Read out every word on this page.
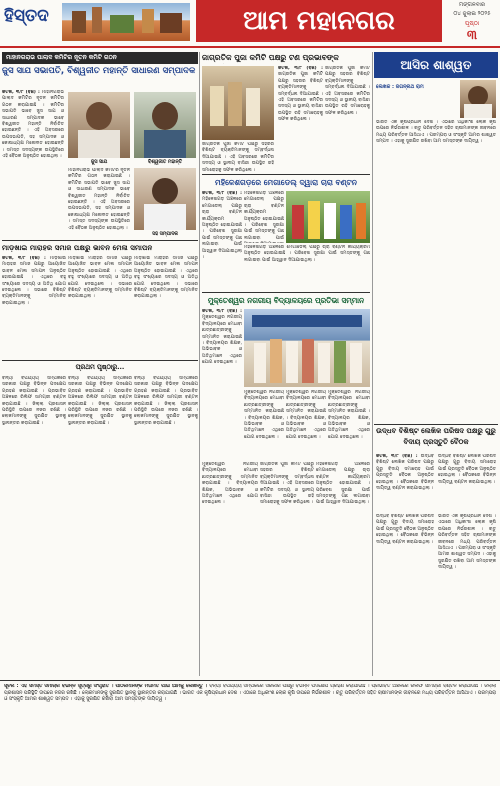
ହିସ୍ତଦ	ଆମ ମହାନଗର
ମଙ୍ଗଳବାର
୦୪ ଜୁଲାଇ ୨୦୨୫
ପୃଷ୍ଠା
୩
ମାହାନଗରାଭ ପାଲାଦ କମିଟିର ନୂତନ କମିଟି ଗଠନ
ଜୁସ ସାଯ ସଭାପତି, ବିଶ୍ୱଜୀତ ମହାନ୍ତି ସାଧାରଣ ସମ୍ପାଦକ
କଟକ, ୩/୮ (ବିଜ୍ଞ) : ମାହାନଗରାଭ ପାଲାଦ କମିଟିର ନୂତନ କମିଟିର ଗଠନ କରାଯାଇଛି । କମିଟିର ସଭାପତି ଭାବେ ଜୁସ ସାଯ ଓ ସାଧାରଣ ସମ୍ପାଦକ ଭାବେ ବିଶ୍ୱଜୀତ ମହାନ୍ତି ନିର୍ବାଚିତ ହୋଇଛନ୍ତି । ଏହି ଅବସରରେ ଉପସଭାପତି, ସହ ସମ୍ପାଦକ ଓ କୋଷାଧ୍ୟକ୍ଷ ମନୋନୀତ ହୋଇଛନ୍ତି । ସମସ୍ତ ସଦସ୍ୟଙ୍କ ଉପସ୍ଥିତିରେ ଏହି ବୈଠକ ଅନୁଷ୍ଠିତ ହୋଇଥିଲା ।
ଜୁସ ସାଯ	ବିଶ୍ୱଜୀତ ମହାନ୍ତି
ମାହାନଗରାଭ ପାଲାଦ କମିଟିର ନୂତନ କମିଟିର ଗଠନ କରାଯାଇଛି । କମିଟିର ସଭାପତି ଭାବେ ଜୁସ ସାଯ ଓ ସାଧାରଣ ସମ୍ପାଦକ ଭାବେ ବିଶ୍ୱଜୀତ ମହାନ୍ତି ନିର୍ବାଚିତ ହୋଇଛନ୍ତି । ଏହି ଅବସରରେ ଉପସଭାପତି, ସହ ସମ୍ପାଦକ ଓ କୋଷାଧ୍ୟକ୍ଷ ମନୋନୀତ ହୋଇଛନ୍ତି । ସମସ୍ତ ସଦସ୍ୟଙ୍କ ଉପସ୍ଥିତିରେ ଏହି ବୈଠକ ଅନୁଷ୍ଠିତ ହୋଇଥିଲା ।
ସହ ସମ୍ପାଦକ
ମାଡ଼ଖାଇ ମାରାହର ସମାଜ ପକ୍ଷରୁ ଭାବନ ମେଳା ସମାପନ
କଟକ, ୩/୮ (ବିଜ୍ଞ) : ମାଡ଼ଖାଇ ମାରାହର ସମାଜ ପକ୍ଷରୁ ଆୟୋଜିତ ଭାବନ ମେଳା ସମାପନ ଅନୁଷ୍ଠିତ ହୋଇଯାଇଛି । ଏଥିରେ ବହୁ ସଂଖ୍ୟାରେ ସଦସ୍ୟ ଓ ଅତିଥି ଯୋଗ ଦେଇଥିଲେ । ସଭାରେ ବିଶିଷ୍ଟ ବ୍ୟକ୍ତିମାନଙ୍କୁ ସମ୍ମାନିତ କରାଯାଇଥିଲା ।
ମାଡ଼ଖାଇ ମାରାହର ସମାଜ ପକ୍ଷରୁ ଆୟୋଜିତ ଭାବନ ମେଳା ସମାପନ ଅନୁଷ୍ଠିତ ହୋଇଯାଇଛି । ଏଥିରେ ବହୁ ସଂଖ୍ୟାରେ ସଦସ୍ୟ ଓ ଅତିଥି ଯୋଗ ଦେଇଥିଲେ । ସଭାରେ ବିଶିଷ୍ଟ ବ୍ୟକ୍ତିମାନଙ୍କୁ ସମ୍ମାନିତ କରାଯାଇଥିଲା ।
ମାଡ଼ଖାଇ ମାରାହର ସମାଜ ପକ୍ଷରୁ ଆୟୋଜିତ ଭାବନ ମେଳା ସମାପନ ଅନୁଷ୍ଠିତ ହୋଇଯାଇଛି । ଏଥିରେ ବହୁ ସଂଖ୍ୟାରେ ସଦସ୍ୟ ଓ ଅତିଥି ଯୋଗ ଦେଇଥିଲେ । ସଭାରେ ବିଶିଷ୍ଟ ବ୍ୟକ୍ତିମାନଙ୍କୁ ସମ୍ମାନିତ କରାଯାଇଥିଲା ।
ଜାଗ୍ରତିକ ପୁଜା କମିଟି ପକ୍ଷରୁ ଟଣ ପ୍ରଭାବଙ୍କ
କଟକ, ୩/୮ (ବିଜ୍ଞ) : ଜାଗ୍ରତିକ ପୁଜା କମିଟି ପକ୍ଷରୁ ସହରର ବିଶିଷ୍ଟ ବ୍ୟକ୍ତିମାନଙ୍କୁ ସମ୍ବର୍ଦ୍ଧନା ଦିଆଯାଇଛି । ଏହି ଅବସରରେ କମିଟିର ସଦସ୍ୟ ଓ ସ୍ଥାନୀୟ ବାସିନ୍ଦା ଉପସ୍ଥିତ ରହି ସମାରୋହକୁ ସଫଳ କରିଥିଲେ ।
ଜାଗ୍ରତିକ ପୁଜା କମିଟି ପକ୍ଷରୁ ସହରର ବିଶିଷ୍ଟ ବ୍ୟକ୍ତିମାନଙ୍କୁ ସମ୍ବର୍ଦ୍ଧନା ଦିଆଯାଇଛି । ଏହି ଅବସରରେ କମିଟିର ସଦସ୍ୟ ଓ ସ୍ଥାନୀୟ ବାସିନ୍ଦା ଉପସ୍ଥିତ ରହି ସମାରୋହକୁ ସଫଳ କରିଥିଲେ ।
ଜାଗ୍ରତିକ ପୁଜା କମିଟି ପକ୍ଷରୁ ସହରର ବିଶିଷ୍ଟ ବ୍ୟକ୍ତିମାନଙ୍କୁ ସମ୍ବର୍ଦ୍ଧନା ଦିଆଯାଇଛି । ଏହି ଅବସରରେ କମିଟିର ସଦସ୍ୟ ଓ ସ୍ଥାନୀୟ ବାସିନ୍ଦା ଉପସ୍ଥିତ ରହି ସମାରୋହକୁ ସଫଳ କରିଥିଲେ ।
ମହିଳେଶଗଡ଼ରେ ମେଗାଡେଲ୍ ଦ୍ୱାରା ଚାରା ବଣ୍ଟନ
କଟକ, ୩/୮ (ବିଜ୍ଞ) : ମହିଳେଶଗଡ଼ ଅଞ୍ଚଳରେ ମେଗାଡେଲ୍ ପକ୍ଷରୁ ଚାରା ବଣ୍ଟନ କାର୍ଯ୍ୟକ୍ରମ ଅନୁଷ୍ଠିତ ହୋଇଯାଇଛି । ପରିବେଶ ସୁରକ୍ଷା ପାଇଁ ସମସ୍ତଙ୍କୁ ଗଛ ଲଗାଇବା ପାଇଁ ଆହ୍ୱାନ ଦିଆଯାଇଥିଲା ।
ମହିଳେଶଗଡ଼ ଅଞ୍ଚଳରେ ମେଗାଡେଲ୍ ପକ୍ଷରୁ ଚାରା ବଣ୍ଟନ କାର୍ଯ୍ୟକ୍ରମ ଅନୁଷ୍ଠିତ ହୋଇଯାଇଛି । ପରିବେଶ ସୁରକ୍ଷା ପାଇଁ ସମସ୍ତଙ୍କୁ ଗଛ ଲଗାଇବା ପାଇଁ
ମହିଳେଶଗଡ଼ ଅଞ୍ଚଳରେ ମେଗାଡେଲ୍ ପକ୍ଷରୁ ଚାରା ବଣ୍ଟନ କାର୍ଯ୍ୟକ୍ରମ ଅନୁଷ୍ଠିତ ହୋଇଯାଇଛି । ପରିବେଶ ସୁରକ୍ଷା ପାଇଁ ସମସ୍ତଙ୍କୁ ଗଛ ଲଗାଇବା ପାଇଁ ଆହ୍ୱାନ ଦିଆଯାଇଥିଲା ।
ମୁକ୍ତେଶ୍ୱର ନଗରୀୟ ବିଦ୍ୟାଳୟରେ ପ୍ରତିଭା ସମ୍ମାନ
କଟକ, ୩/୮ (ବିଜ୍ଞ) : ମୁକ୍ତେଶ୍ୱର ନଗରୀୟ ବିଦ୍ୟାଳୟରେ ମେଧାବୀ ଛାତ୍ରଛାତ୍ରୀଙ୍କୁ ସମ୍ମାନିତ କରାଯାଇଛି । ବିଦ୍ୟାଳୟର ଶିକ୍ଷକ, ଅଭିଭାବକ ଓ ଅତିଥିମାନେ ଏଥିରେ ଯୋଗ ଦେଇଥିଲେ ।
ମୁକ୍ତେଶ୍ୱର ନଗରୀୟ ବିଦ୍ୟାଳୟରେ ମେଧାବୀ ଛାତ୍ରଛାତ୍ରୀଙ୍କୁ ସମ୍ମାନିତ କରାଯାଇଛି । ବିଦ୍ୟାଳୟର ଶିକ୍ଷକ, ଅଭିଭାବକ ଓ ଅତିଥିମାନେ ଏଥିରେ ଯୋଗ ଦେଇଥିଲେ ।
ମୁକ୍ତେଶ୍ୱର ନଗରୀୟ ବିଦ୍ୟାଳୟରେ ମେଧାବୀ ଛାତ୍ରଛାତ୍ରୀଙ୍କୁ ସମ୍ମାନିତ କରାଯାଇଛି । ବିଦ୍ୟାଳୟର ଶିକ୍ଷକ, ଅଭିଭାବକ ଓ ଅତିଥିମାନେ ଏଥିରେ ଯୋଗ ଦେଇଥିଲେ ।
ମୁକ୍ତେଶ୍ୱର ନଗରୀୟ ବିଦ୍ୟାଳୟରେ ମେଧାବୀ ଛାତ୍ରଛାତ୍ରୀଙ୍କୁ ସମ୍ମାନିତ କରାଯାଇଛି । ବିଦ୍ୟାଳୟର ଶିକ୍ଷକ, ଅଭିଭାବକ ଓ ଅତିଥିମାନେ ଏଥିରେ ଯୋଗ ଦେଇଥିଲେ ।
ଆସିର ଶାଶ୍ୱତ
ଲେଖକ : ଜଗନ୍ନାଥ ରାମ
ଭାରତ ଏକ କୃଷିପ୍ରଧାନ ଦେଶ । ଏଠାରେ ଅଧିକାଂଶ ଲୋକ କୃଷି ଉପରେ ନିର୍ଭରଶୀଳ । ଋତୁ ପରିବର୍ତ୍ତନ ସହିତ ଚାଷୀମାନଙ୍କ ଜୀବନରେ ମଧ୍ୟ ପରିବର୍ତ୍ତନ ଆସିଥାଏ । ପରମ୍ପରା ଓ ସଂସ୍କୃତି ଆମର ଶାଶ୍ୱତ ସମ୍ପଦ । ଏହାକୁ ସୁରକ୍ଷିତ ରଖିବା ଆମ ସମସ୍ତଙ୍କ ଦାୟିତ୍ୱ ।
ଉଦ୍ଧବ ବିଶିଷ୍ଟ ଲେଖିକ ପରିଷଦ ପକ୍ଷରୁ ଗୁରୁ ବିଦାୟ ପ୍ରସ୍ତୁତି ବୈଠକ
କଟକ, ୩/୮ (ବିଜ୍ଞ) : ଉଦ୍ଧବ ବିଶିଷ୍ଟ ଲେଖିକ ପରିଷଦ ପକ୍ଷରୁ ଗୁରୁ ବିଦାୟ ସମାରୋହ ପାଇଁ ପ୍ରସ୍ତୁତି ବୈଠକ ଅନୁଷ୍ଠିତ ହୋଇଥିଲା । ବୈଠକରେ ବିଭିନ୍ନ ଦାୟିତ୍ୱ ବଣ୍ଟନ କରାଯାଇଥିଲା ।
ଉଦ୍ଧବ ବିଶିଷ୍ଟ ଲେଖିକ ପରିଷଦ ପକ୍ଷରୁ ଗୁରୁ ବିଦାୟ ସମାରୋହ ପାଇଁ ପ୍ରସ୍ତୁତି ବୈଠକ ଅନୁଷ୍ଠିତ ହୋଇଥିଲା । ବୈଠକରେ ବିଭିନ୍ନ ଦାୟିତ୍ୱ ବଣ୍ଟନ କରାଯାଇଥିଲା ।
ପ୍ରଥମ ପୃଷ୍ଠାରୁ...
ବନ୍ୟା ବିପର୍ଯ୍ୟୟ ସମ୍ପର୍କରେ ସରକାର ପକ୍ଷରୁ ବିଭିନ୍ନ ପଦକ୍ଷେପ ଗ୍ରହଣ କରାଯାଇଛି । ପ୍ରଭାବିତ ଅଞ୍ଚଳରେ ରିଲିଫ ସାମଗ୍ରୀ ବଣ୍ଟନ କରାଯାଉଛି । ଜିଲ୍ଲା ପ୍ରଶାସନ ପରିସ୍ଥିତି ଉପରେ ନଜର ରଖିଛି । ଲୋକମାନଙ୍କୁ ସୁରକ୍ଷିତ ସ୍ଥାନକୁ ସ୍ଥାନାନ୍ତର କରାଯାଇଛି ।
ବନ୍ୟା ବିପର୍ଯ୍ୟୟ ସମ୍ପର୍କରେ ସରକାର ପକ୍ଷରୁ ବିଭିନ୍ନ ପଦକ୍ଷେପ ଗ୍ରହଣ କରାଯାଇଛି । ପ୍ରଭାବିତ ଅଞ୍ଚଳରେ ରିଲିଫ ସାମଗ୍ରୀ ବଣ୍ଟନ କରାଯାଉଛି । ଜିଲ୍ଲା ପ୍ରଶାସନ ପରିସ୍ଥିତି ଉପରେ ନଜର ରଖିଛି । ଲୋକମାନଙ୍କୁ ସୁରକ୍ଷିତ ସ୍ଥାନକୁ ସ୍ଥାନାନ୍ତର କରାଯାଇଛି ।
ବନ୍ୟା ବିପର୍ଯ୍ୟୟ ସମ୍ପର୍କରେ ସରକାର ପକ୍ଷରୁ ବିଭିନ୍ନ ପଦକ୍ଷେପ ଗ୍ରହଣ କରାଯାଇଛି । ପ୍ରଭାବିତ ଅଞ୍ଚଳରେ ରିଲିଫ ସାମଗ୍ରୀ ବଣ୍ଟନ କରାଯାଉଛି । ଜିଲ୍ଲା ପ୍ରଶାସନ ପରିସ୍ଥିତି ଉପରେ ନଜର ରଖିଛି । ଲୋକମାନଙ୍କୁ ସୁରକ୍ଷିତ ସ୍ଥାନକୁ ସ୍ଥାନାନ୍ତର କରାଯାଇଛି ।
ମୁକ୍ତେଶ୍ୱର ନଗରୀୟ ବିଦ୍ୟାଳୟରେ ମେଧାବୀ ଛାତ୍ରଛାତ୍ରୀଙ୍କୁ ସମ୍ମାନିତ କରାଯାଇଛି । ବିଦ୍ୟାଳୟର ଶିକ୍ଷକ, ଅଭିଭାବକ ଓ ଅତିଥିମାନେ ଏଥିରେ ଯୋଗ ଦେଇଥିଲେ ।
ଜାଗ୍ରତିକ ପୁଜା କମିଟି ପକ୍ଷରୁ ସହରର ବିଶିଷ୍ଟ ବ୍ୟକ୍ତିମାନଙ୍କୁ ସମ୍ବର୍ଦ୍ଧନା ଦିଆଯାଇଛି । ଏହି ଅବସରରେ କମିଟିର ସଦସ୍ୟ ଓ ସ୍ଥାନୀୟ ବାସିନ୍ଦା ଉପସ୍ଥିତ ରହି ସମାରୋହକୁ ସଫଳ କରିଥିଲେ ।
ମହିଳେଶଗଡ଼ ଅଞ୍ଚଳରେ ମେଗାଡେଲ୍ ପକ୍ଷରୁ ଚାରା ବଣ୍ଟନ କାର୍ଯ୍ୟକ୍ରମ ଅନୁଷ୍ଠିତ ହୋଇଯାଇଛି । ପରିବେଶ ସୁରକ୍ଷା ପାଇଁ ସମସ୍ତଙ୍କୁ ଗଛ ଲଗାଇବା ପାଇଁ ଆହ୍ୱାନ ଦିଆଯାଇଥିଲା ।
ଉଦ୍ଧବ ବିଶିଷ୍ଟ ଲେଖିକ ପରିଷଦ ପକ୍ଷରୁ ଗୁରୁ ବିଦାୟ ସମାରୋହ ପାଇଁ ପ୍ରସ୍ତୁତି ବୈଠକ ଅନୁଷ୍ଠିତ ହୋଇଥିଲା । ବୈଠକରେ ବିଭିନ୍ନ ଦାୟିତ୍ୱ ବଣ୍ଟନ କରାଯାଇଥିଲା ।
ଭାରତ ଏକ କୃଷିପ୍ରଧାନ ଦେଶ । ଏଠାରେ ଅଧିକାଂଶ ଲୋକ କୃଷି ଉପରେ ନିର୍ଭରଶୀଳ । ଋତୁ ପରିବର୍ତ୍ତନ ସହିତ ଚାଷୀମାନଙ୍କ ଜୀବନରେ ମଧ୍ୟ ପରିବର୍ତ୍ତନ ଆସିଥାଏ । ପରମ୍ପରା ଓ ସଂସ୍କୃତି ଆମର ଶାଶ୍ୱତ ସମ୍ପଦ । ଏହାକୁ ସୁରକ୍ଷିତ ରଖିବା ଆମ ସମସ୍ତଙ୍କ ଦାୟିତ୍ୱ ।
ସୂଚନା : ଏହି ସମସ୍ତ ସମାଚାର ବିଭିନ୍ନ ସୂତ୍ରରୁ ସଂଗୃହୀତ । ପାଠକମାନଙ୍କ ମତାମତ ପାଇଁ ଆମକୁ ଲେଖନ୍ତୁ । ବନ୍ୟା ବିପର୍ଯ୍ୟୟ ସମ୍ପର୍କରେ ସରକାର ପକ୍ଷରୁ ବିଭିନ୍ନ ପଦକ୍ଷେପ ଗ୍ରହଣ କରାଯାଇଛି । ପ୍ରଭାବିତ ଅଞ୍ଚଳରେ ରିଲିଫ ସାମଗ୍ରୀ ବଣ୍ଟନ କରାଯାଉଛି । ଜିଲ୍ଲା ପ୍ରଶାସନ ପରିସ୍ଥିତି ଉପରେ ନଜର ରଖିଛି । ଲୋକମାନଙ୍କୁ ସୁରକ୍ଷିତ ସ୍ଥାନକୁ ସ୍ଥାନାନ୍ତର କରାଯାଇଛି । ଭାରତ ଏକ କୃଷିପ୍ରଧାନ ଦେଶ । ଏଠାରେ ଅଧିକାଂଶ ଲୋକ କୃଷି ଉପରେ ନିର୍ଭରଶୀଳ । ଋତୁ ପରିବର୍ତ୍ତନ ସହିତ ଚାଷୀମାନଙ୍କ ଜୀବନରେ ମଧ୍ୟ ପରିବର୍ତ୍ତନ ଆସିଥାଏ । ପରମ୍ପରା ଓ ସଂସ୍କୃତି ଆମର ଶାଶ୍ୱତ ସମ୍ପଦ । ଏହାକୁ ସୁରକ୍ଷିତ ରଖିବା ଆମ ସମସ୍ତଙ୍କ ଦାୟିତ୍ୱ ।
